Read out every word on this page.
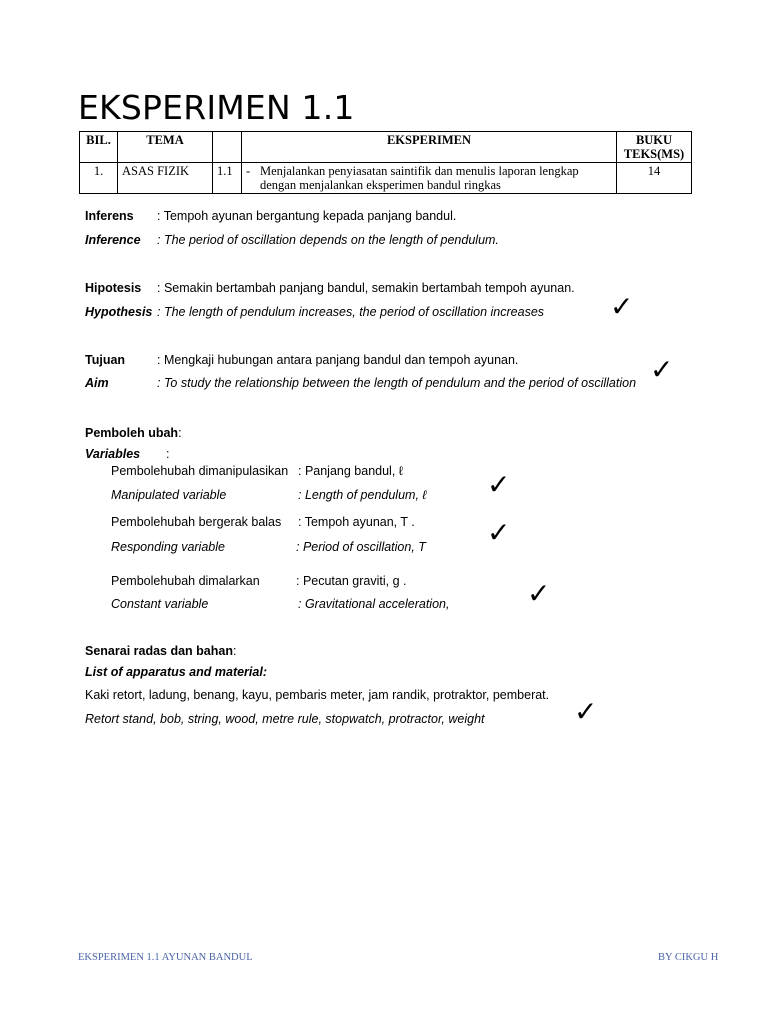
EKSPERIMEN 1.1
BIL.	TEMA		EKSPERIMEN		BUKU
TEKS(MS)
1.	ASAS FIZIK	1.1	-	Menjalankan penyiasatan saintifik dan menulis laporan lengkap
dengan menjalankan eksperimen bandul ringkas	14
Inferens : Tempoh ayunan bergantung kepada panjang bandul.
Inference : The period of oscillation depends on the length of pendulum.
Hipotesis : Semakin bertambah panjang bandul, semakin bertambah tempoh ayunan.
Hypothesis : The length of pendulum increases, the period of oscillation increases ✓
Tujuan	: Mengkaji hubungan antara panjang bandul dan tempoh ayunan.
Aim	: To study the relationship between the length of pendulum and the period of oscillation ✓
Pemboleh ubah:
Variables :
Pembolehubah dimanipulasikan : Panjang bandul, ℓ
Manipulated variable	: Length of pendulum, ℓ ✓
Pembolehubah bergerak balas : Tempoh ayunan, T .
Responding variable	: Period of oscillation, T ✓
Pembolehubah dimalarkan	: Pecutan graviti, g .
Constant variable	: Gravitational acceleration,	✓
Senarai radas dan bahan:
List of apparatus and material:
Kaki retort, ladung, benang, kayu, pembaris meter, jam randik, protraktor, pemberat.
Retort stand, bob, string, wood, metre rule, stopwatch, protractor, weight	✓
EKSPERIMEN 1.1 AYUNAN BANDUL	BY CIKGU H
